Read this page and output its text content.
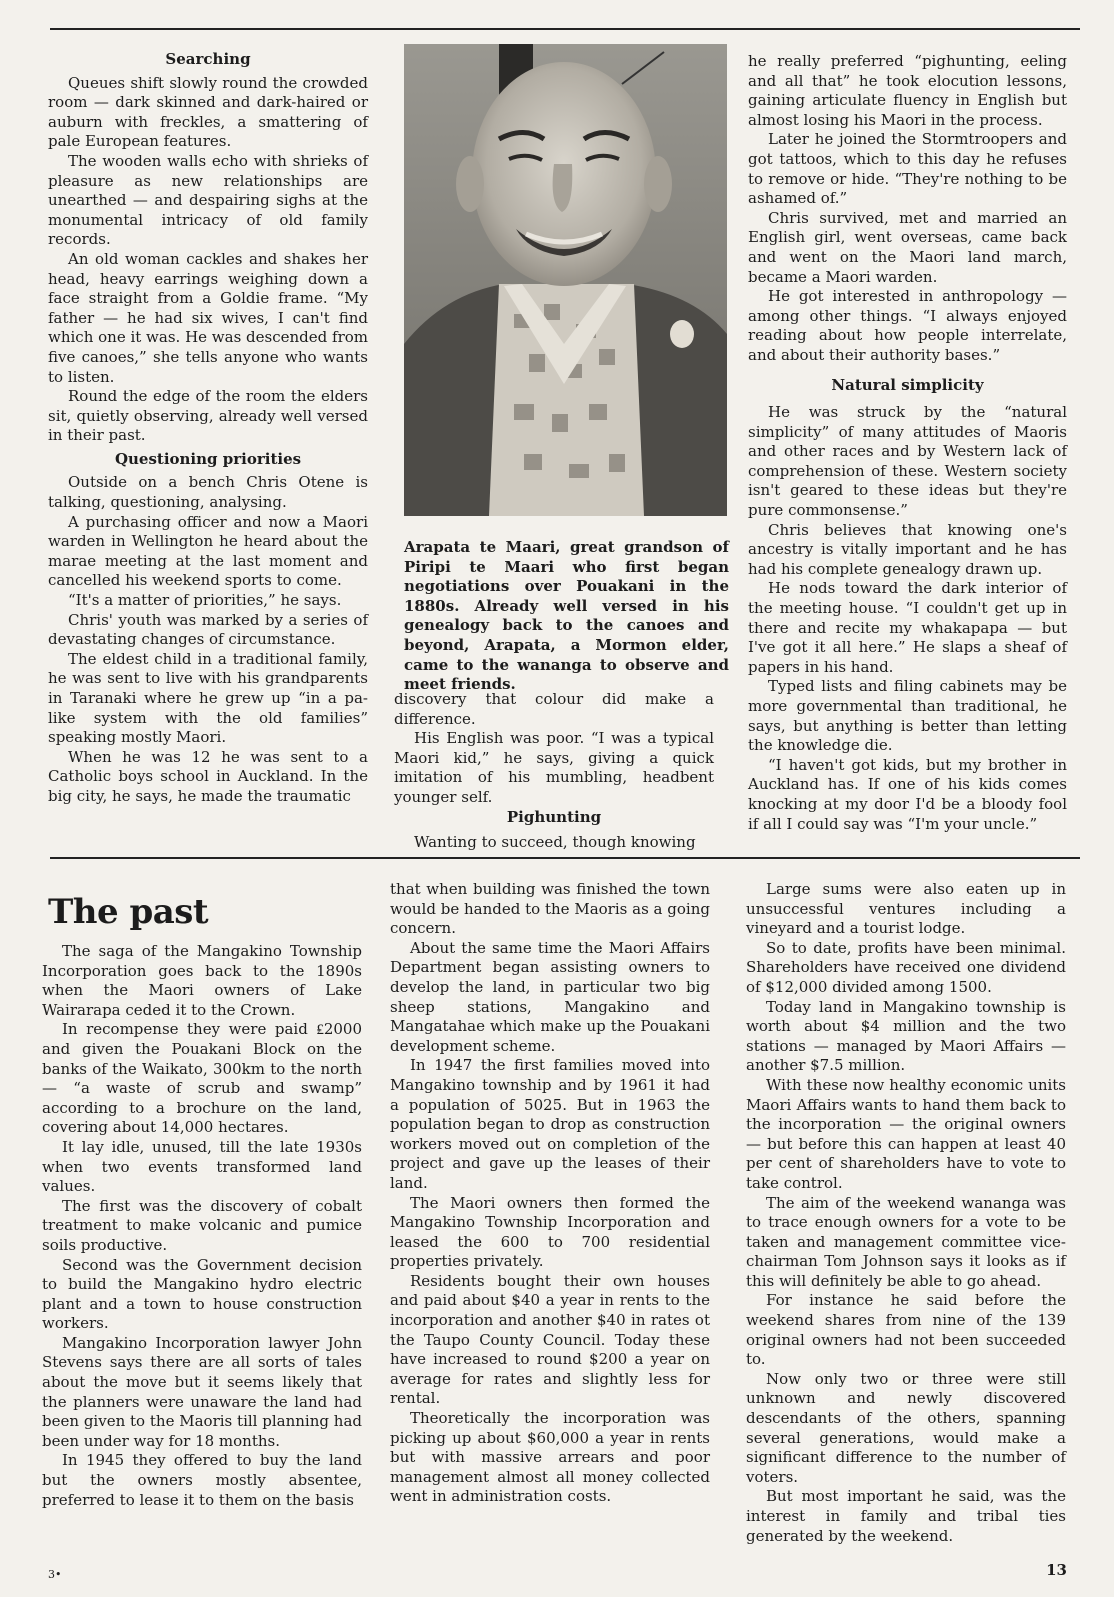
Searching

Queues shift slowly round the crowded room — dark skinned and dark-haired or auburn with freckles, a smattering of pale European features.

The wooden walls echo with shrieks of pleasure as new relationships are unearthed — and despairing sighs at the monumental intricacy of old family records.

An old woman cackles and shakes her head, heavy earrings weighing down a face straight from a Goldie frame. “My father — he had six wives, I can't find which one it was. He was descended from five canoes,” she tells anyone who wants to listen.

Round the edge of the room the elders sit, quietly observing, already well versed in their past.

Questioning priorities

Outside on a bench Chris Otene is talking, questioning, analysing.

A purchasing officer and now a Maori warden in Wellington he heard about the marae meeting at the last moment and cancelled his weekend sports to come.

“It's a matter of priorities,” he says.

Chris' youth was marked by a series of devastating changes of circumstance.

The eldest child in a traditional family, he was sent to live with his grandparents in Taranaki where he grew up “in a pa-like system with the old families” speaking mostly Maori.

When he was 12 he was sent to a Catholic boys school in Auckland. In the big city, he says, he made the traumatic

Arapata te Maari, great grandson of Piripi te Maari who first began negotiations over Pouakani in the 1880s. Already well versed in his genealogy back to the canoes and beyond, Arapata, a Mormon elder, came to the wananga to observe and meet friends.

discovery that colour did make a difference.

His English was poor. “I was a typical Maori kid,” he says, giving a quick imitation of his mumbling, headbent younger self.

Pighunting

Wanting to succeed, though knowing

he really preferred “pighunting, eeling and all that” he took elocution lessons, gaining articulate fluency in English but almost losing his Maori in the process.

Later he joined the Stormtroopers and got tattoos, which to this day he refuses to remove or hide. “They're nothing to be ashamed of.”

Chris survived, met and married an English girl, went overseas, came back and went on the Maori land march, became a Maori warden.

He got interested in anthropology — among other things. “I always enjoyed reading about how people interrelate, and about their authority bases.”

Natural simplicity

He was struck by the “natural simplicity” of many attitudes of Maoris and other races and by Western lack of comprehension of these. Western society isn't geared to these ideas but they're pure commonsense.”

Chris believes that knowing one's ancestry is vitally important and he has had his complete genealogy drawn up.

He nods toward the dark interior of the meeting house. “I couldn't get up in there and recite my whakapapa — but I've got it all here.” He slaps a sheaf of papers in his hand.

Typed lists and filing cabinets may be more governmental than traditional, he says, but anything is better than letting the knowledge die.

“I haven't got kids, but my brother in Auckland has. If one of his kids comes knocking at my door I'd be a bloody fool if all I could say was “I'm your uncle.”

The past

The saga of the Mangakino Township Incorporation goes back to the 1890s when the Maori owners of Lake Wairarapa ceded it to the Crown.

In recompense they were paid ₤2000 and given the Pouakani Block on the banks of the Waikato, 300km to the north — “a waste of scrub and swamp” according to a brochure on the land, covering about 14,000 hectares.

It lay idle, unused, till the late 1930s when two events transformed land values.

The first was the discovery of cobalt treatment to make volcanic and pumice soils productive.

Second was the Government decision to build the Mangakino hydro electric plant and a town to house construction workers.

Mangakino Incorporation lawyer John Stevens says there are all sorts of tales about the move but it seems likely that the planners were unaware the land had been given to the Maoris till planning had been under way for 18 months.

In 1945 they offered to buy the land but the owners mostly absentee, preferred to lease it to them on the basis

that when building was finished the town would be handed to the Maoris as a going concern.

About the same time the Maori Affairs Department began assisting owners to develop the land, in particular two big sheep stations, Mangakino and Mangatahae which make up the Pouakani development scheme.

In 1947 the first families moved into Mangakino township and by 1961 it had a population of 5025. But in 1963 the population began to drop as construction workers moved out on completion of the project and gave up the leases of their land.

The Maori owners then formed the Mangakino Township Incorporation and leased the 600 to 700 residential properties privately.

Residents bought their own houses and paid about $40 a year in rents to the incorporation and another $40 in rates ot the Taupo County Council. Today these have increased to round $200 a year on average for rates and slightly less for rental.

Theoretically the incorporation was picking up about $60,000 a year in rents but with massive arrears and poor management almost all money collected went in administration costs.

Large sums were also eaten up in unsuccessful ventures including a vineyard and a tourist lodge.

So to date, profits have been minimal. Shareholders have received one dividend of $12,000 divided among 1500.

Today land in Mangakino township is worth about $4 million and the two stations — managed by Maori Affairs — another $7.5 million.

With these now healthy economic units Maori Affairs wants to hand them back to the incorporation — the original owners — but before this can happen at least 40 per cent of shareholders have to vote to take control.

The aim of the weekend wananga was to trace enough owners for a vote to be taken and management committee vice-chairman Tom Johnson says it looks as if this will definitely be able to go ahead.

For instance he said before the weekend shares from nine of the 139 original owners had not been succeeded to.

Now only two or three were still unknown and newly discovered descendants of the others, spanning several generations, would make a significant difference to the number of voters.

But most important he said, was the interest in family and tribal ties generated by the weekend.

3•	13
